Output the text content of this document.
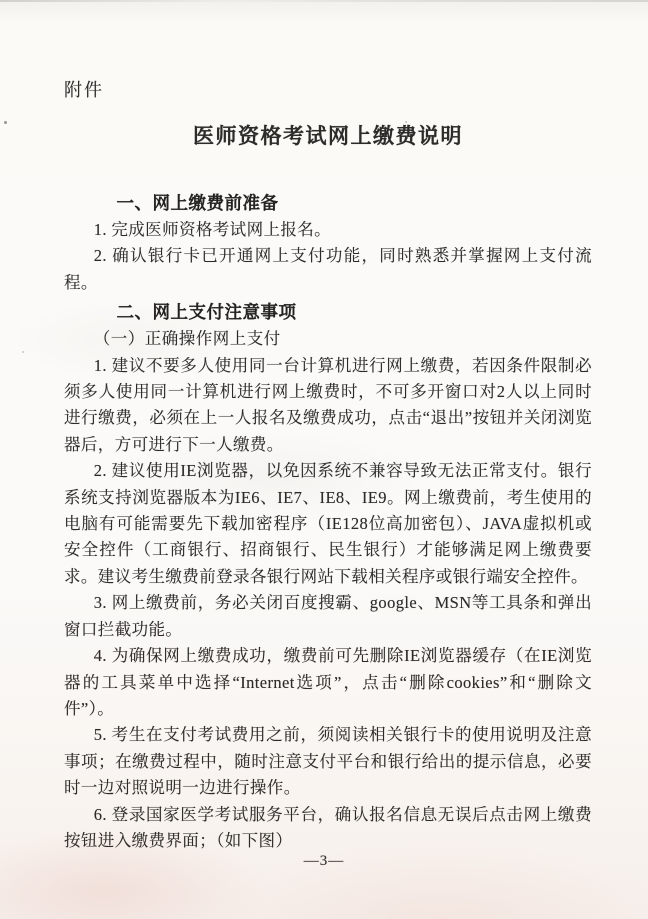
附件
医师资格考试网上缴费说明
一、网上缴费前准备

1. 完成医师资格考试网上报名。

2. 确认银行卡已开通网上支付功能，同时熟悉并掌握网上支付流程。

二、网上支付注意事项
（一）正确操作网上支付

1. 建议不要多人使用同一台计算机进行网上缴费，若因条件限制必须多人使用同一计算机进行网上缴费时，不可多开窗口对2人以上同时进行缴费，必须在上一人报名及缴费成功，点击“退出”按钮并关闭浏览器后，方可进行下一人缴费。

2. 建议使用IE浏览器，以免因系统不兼容导致无法正常支付。银行系统支持浏览器版本为IE6、IE7、IE8、IE9。网上缴费前，考生使用的电脑有可能需要先下载加密程序（IE128位高加密包）、JAVA虚拟机或安全控件（工商银行、招商银行、民生银行）才能够满足网上缴费要求。建议考生缴费前登录各银行网站下载相关程序或银行端安全控件。

3. 网上缴费前，务必关闭百度搜霸、google、MSN等工具条和弹出窗口拦截功能。

4. 为确保网上缴费成功，缴费前可先删除IE浏览器缓存（在IE浏览器的工具菜单中选择“Internet选项”，点击“删除cookies”和“删除文件”）。

5. 考生在支付考试费用之前，须阅读相关银行卡的使用说明及注意事项；在缴费过程中，随时注意支付平台和银行给出的提示信息，必要时一边对照说明一边进行操作。

6. 登录国家医学考试服务平台，确认报名信息无误后点击网上缴费按钮进入缴费界面；（如下图）

—3—
